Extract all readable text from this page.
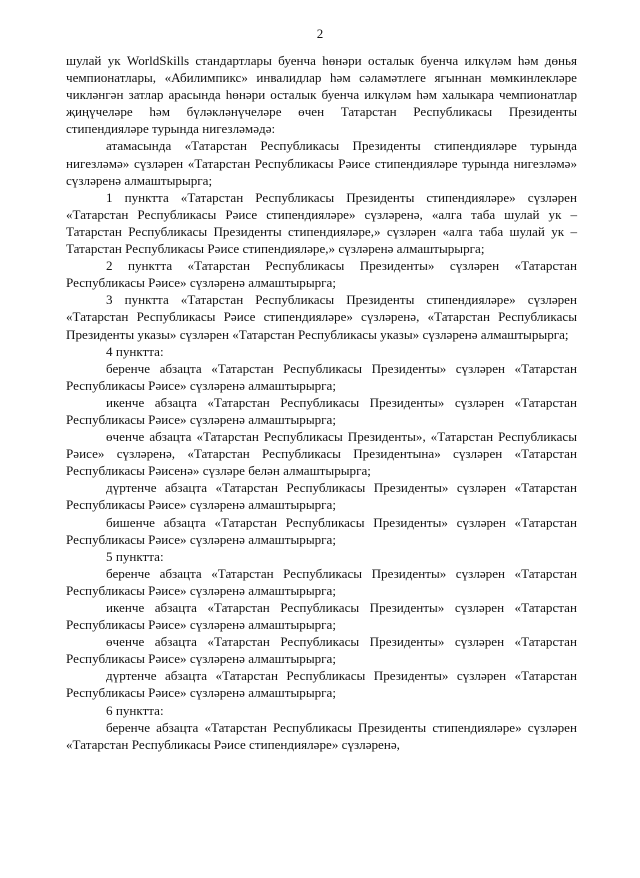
2

шулай ук WorldSkills стандартлары буенча һөнәри осталык буенча илкүләм һәм дөнья чемпионатлары, «Абилимпикс» инвалидлар һәм сәламәтлеге ягыннан мөмкинлекләре чикләнгән затлар арасында һөнәри осталык буенча илкүләм һәм халыкара чемпионатлар җиңүчеләре һәм бүләкләнүчеләре өчен Татарстан Республикасы Президенты стипендияләре турында нигезләмәдә:

атамасында «Татарстан Республикасы Президенты стипендияләре турында нигезләмә» сүзләрен «Татарстан Республикасы Рәисе стипендияләре турында нигезләмә» сүзләренә алмаштырырга;

1 пунктта «Татарстан Республикасы Президенты стипендияләре» сүзләрен «Татарстан Республикасы Рәисе стипендияләре» сүзләренә, «алга таба шулай ук – Татарстан Республикасы Президенты стипендияләре,» сүзләрен «алга таба шулай ук – Татарстан Республикасы Рәисе стипендияләре,» сүзләренә алмаштырырга;

2 пунктта «Татарстан Республикасы Президенты» сүзләрен «Татарстан Республикасы Рәисе» сүзләренә алмаштырырга;

3 пунктта «Татарстан Республикасы Президенты стипендияләре» сүзләрен «Татарстан Республикасы Рәисе стипендияләре» сүзләренә, «Татарстан Республикасы Президенты указы» сүзләрен «Татарстан Республикасы указы» сүзләренә алмаштырырга;

4 пунктта:

беренче абзацта «Татарстан Республикасы Президенты» сүзләрен «Татарстан Республикасы Рәисе» сүзләренә алмаштырырга;

икенче абзацта «Татарстан Республикасы Президенты» сүзләрен «Татарстан Республикасы Рәисе» сүзләренә алмаштырырга;

өченче абзацта «Татарстан Республикасы Президенты», «Татарстан Республикасы Рәисе» сүзләренә, «Татарстан Республикасы Президентына» сүзләрен «Татарстан Республикасы Рәисенә» сүзләре белән алмаштырырга;

дүртенче абзацта «Татарстан Республикасы Президенты» сүзләрен «Татарстан Республикасы Рәисе» сүзләренә алмаштырырга;

бишенче абзацта «Татарстан Республикасы Президенты» сүзләрен «Татарстан Республикасы Рәисе» сүзләренә алмаштырырга;

5 пунктта:

беренче абзацта «Татарстан Республикасы Президенты» сүзләрен «Татарстан Республикасы Рәисе» сүзләренә алмаштырырга;

икенче абзацта «Татарстан Республикасы Президенты» сүзләрен «Татарстан Республикасы Рәисе» сүзләренә алмаштырырга;

өченче абзацта «Татарстан Республикасы Президенты» сүзләрен «Татарстан Республикасы Рәисе» сүзләренә алмаштырырга;

дүртенче абзацта «Татарстан Республикасы Президенты» сүзләрен «Татарстан Республикасы Рәисе» сүзләренә алмаштырырга;

6 пунктта:

беренче абзацта «Татарстан Республикасы Президенты стипендияләре» сүзләрен «Татарстан Республикасы Рәисе стипендияләре» сүзләренә,
